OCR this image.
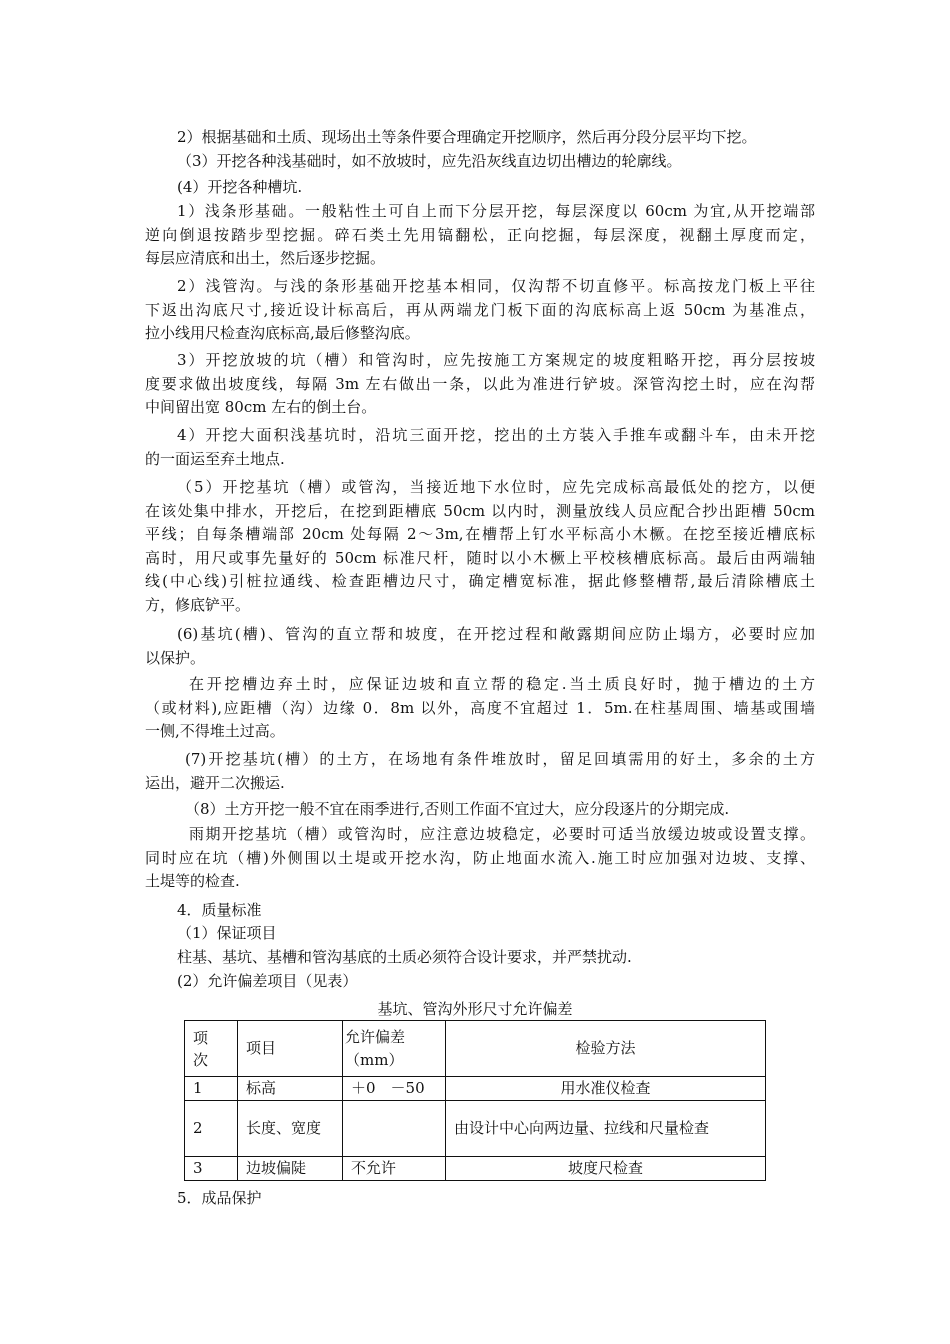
2）根据基础和土质、现场出土等条件要合理确定开挖顺序，然后再分段分层平均下挖。
（3）开挖各种浅基础时，如不放坡时，应先沿灰线直边切出槽边的轮廓线。
(4）开挖各种槽坑.
1）浅条形基础。一般粘性土可自上而下分层开挖，每层深度以 60cm 为宜,从开挖端部
逆向倒退按踏步型挖掘。碎石类土先用镐翻松，正向挖掘，每层深度，视翻土厚度而定，
每层应清底和出土，然后逐步挖掘。
2）浅管沟。与浅的条形基础开挖基本相同，仅沟帮不切直修平。标高按龙门板上平往
下返出沟底尺寸,接近设计标高后，再从两端龙门板下面的沟底标高上返 50cm 为基准点，
拉小线用尺检查沟底标高,最后修整沟底。
3）开挖放坡的坑（槽）和管沟时，应先按施工方案规定的坡度粗略开挖，再分层按坡
度要求做出坡度线，每隔 3m 左右做出一条，以此为准进行铲坡。深管沟挖土时，应在沟帮
中间留出宽 80cm 左右的倒土台。
4）开挖大面积浅基坑时，沿坑三面开挖，挖出的土方装入手推车或翻斗车，由未开挖
的一面运至弃土地点.
（5）开挖基坑（槽）或管沟，当接近地下水位时，应先完成标高最低处的挖方，以便
在该处集中排水，开挖后，在挖到距槽底 50cm 以内时，测量放线人员应配合抄出距槽 50cm
平线；自每条槽端部 20cm 处每隔 2～3m,在槽帮上钉水平标高小木橛。在挖至接近槽底标
高时，用尺或事先量好的 50cm 标准尺杆，随时以小木橛上平校核槽底标高。最后由两端轴
线(中心线)引桩拉通线、检查距槽边尺寸，确定槽宽标准，据此修整槽帮,最后清除槽底土
方，修底铲平。
(6)基坑(槽)、管沟的直立帮和坡度，在开挖过程和敞露期间应防止塌方，必要时应加
以保护。
在开挖槽边弃土时，应保证边坡和直立帮的稳定.当土质良好时，抛于槽边的土方
（或材料),应距槽（沟）边缘 0．8m 以外，高度不宜超过 1．5m.在柱基周围、墙基或围墙
一侧,不得堆土过高。
(7)开挖基坑(槽）的土方，在场地有条件堆放时，留足回填需用的好土，多余的土方
运出，避开二次搬运.
（8）土方开挖一般不宜在雨季进行,否则工作面不宜过大，应分段逐片的分期完成.
雨期开挖基坑（槽）或管沟时，应注意边坡稳定，必要时可适当放缓边坡或设置支撑。
同时应在坑（槽)外侧围以土堤或开挖水沟，防止地面水流入.施工时应加强对边坡、支撑、
土堤等的检查.
4．质量标准
（1）保证项目
柱基、基坑、基槽和管沟基底的土质必须符合设计要求，并严禁扰动.
(2）允许偏差项目（见表）
基坑、管沟外形尺寸允许偏差
项
次	项目	允许偏差（mm）	检验方法
1	标高	＋0　－50	用水准仪检查
2	长度、宽度		由设计中心向两边量、拉线和尺量检查
3	边坡偏陡	不允许	坡度尺检查
5．成品保护
